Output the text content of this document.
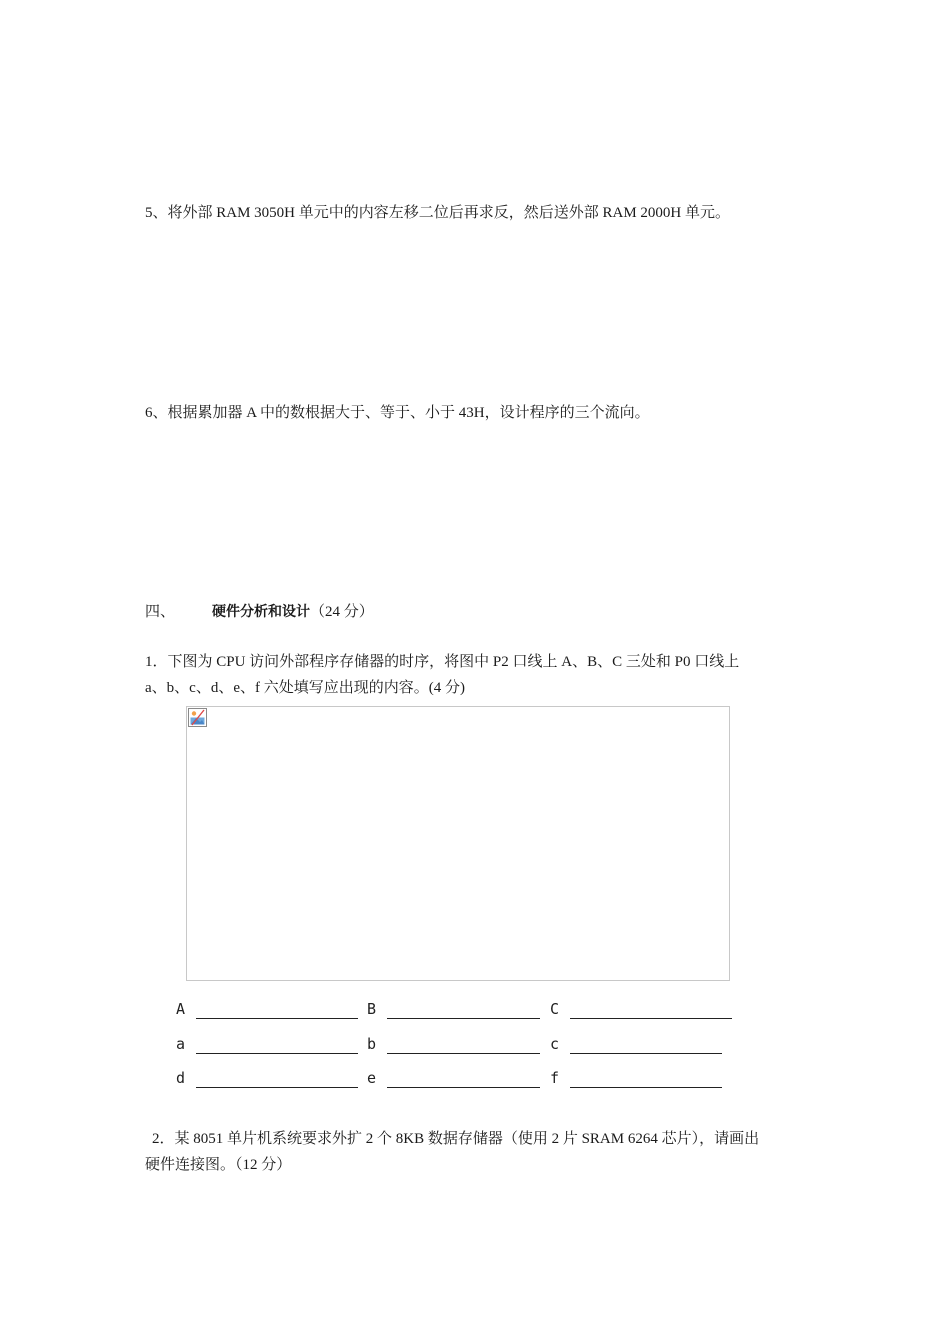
5、将外部 RAM 3050H 单元中的内容左移二位后再求反，然后送外部 RAM 2000H 单元。
6、根据累加器 A 中的数根据大于、等于、小于 43H，设计程序的三个流向。
四、	硬件分析和设计（24 分）
1．下图为 CPU 访问外部程序存储器的时序，将图中 P2 口线上 A、B、C 三处和 P0 口线上
a、b、c、d、e、f 六处填写应出现的内容。(4 分)
A	B	C
a	b	c
d	e	f
2．某 8051 单片机系统要求外扩 2 个 8KB 数据存储器（使用 2 片 SRAM 6264 芯片），请画出
硬件连接图。（12 分）
